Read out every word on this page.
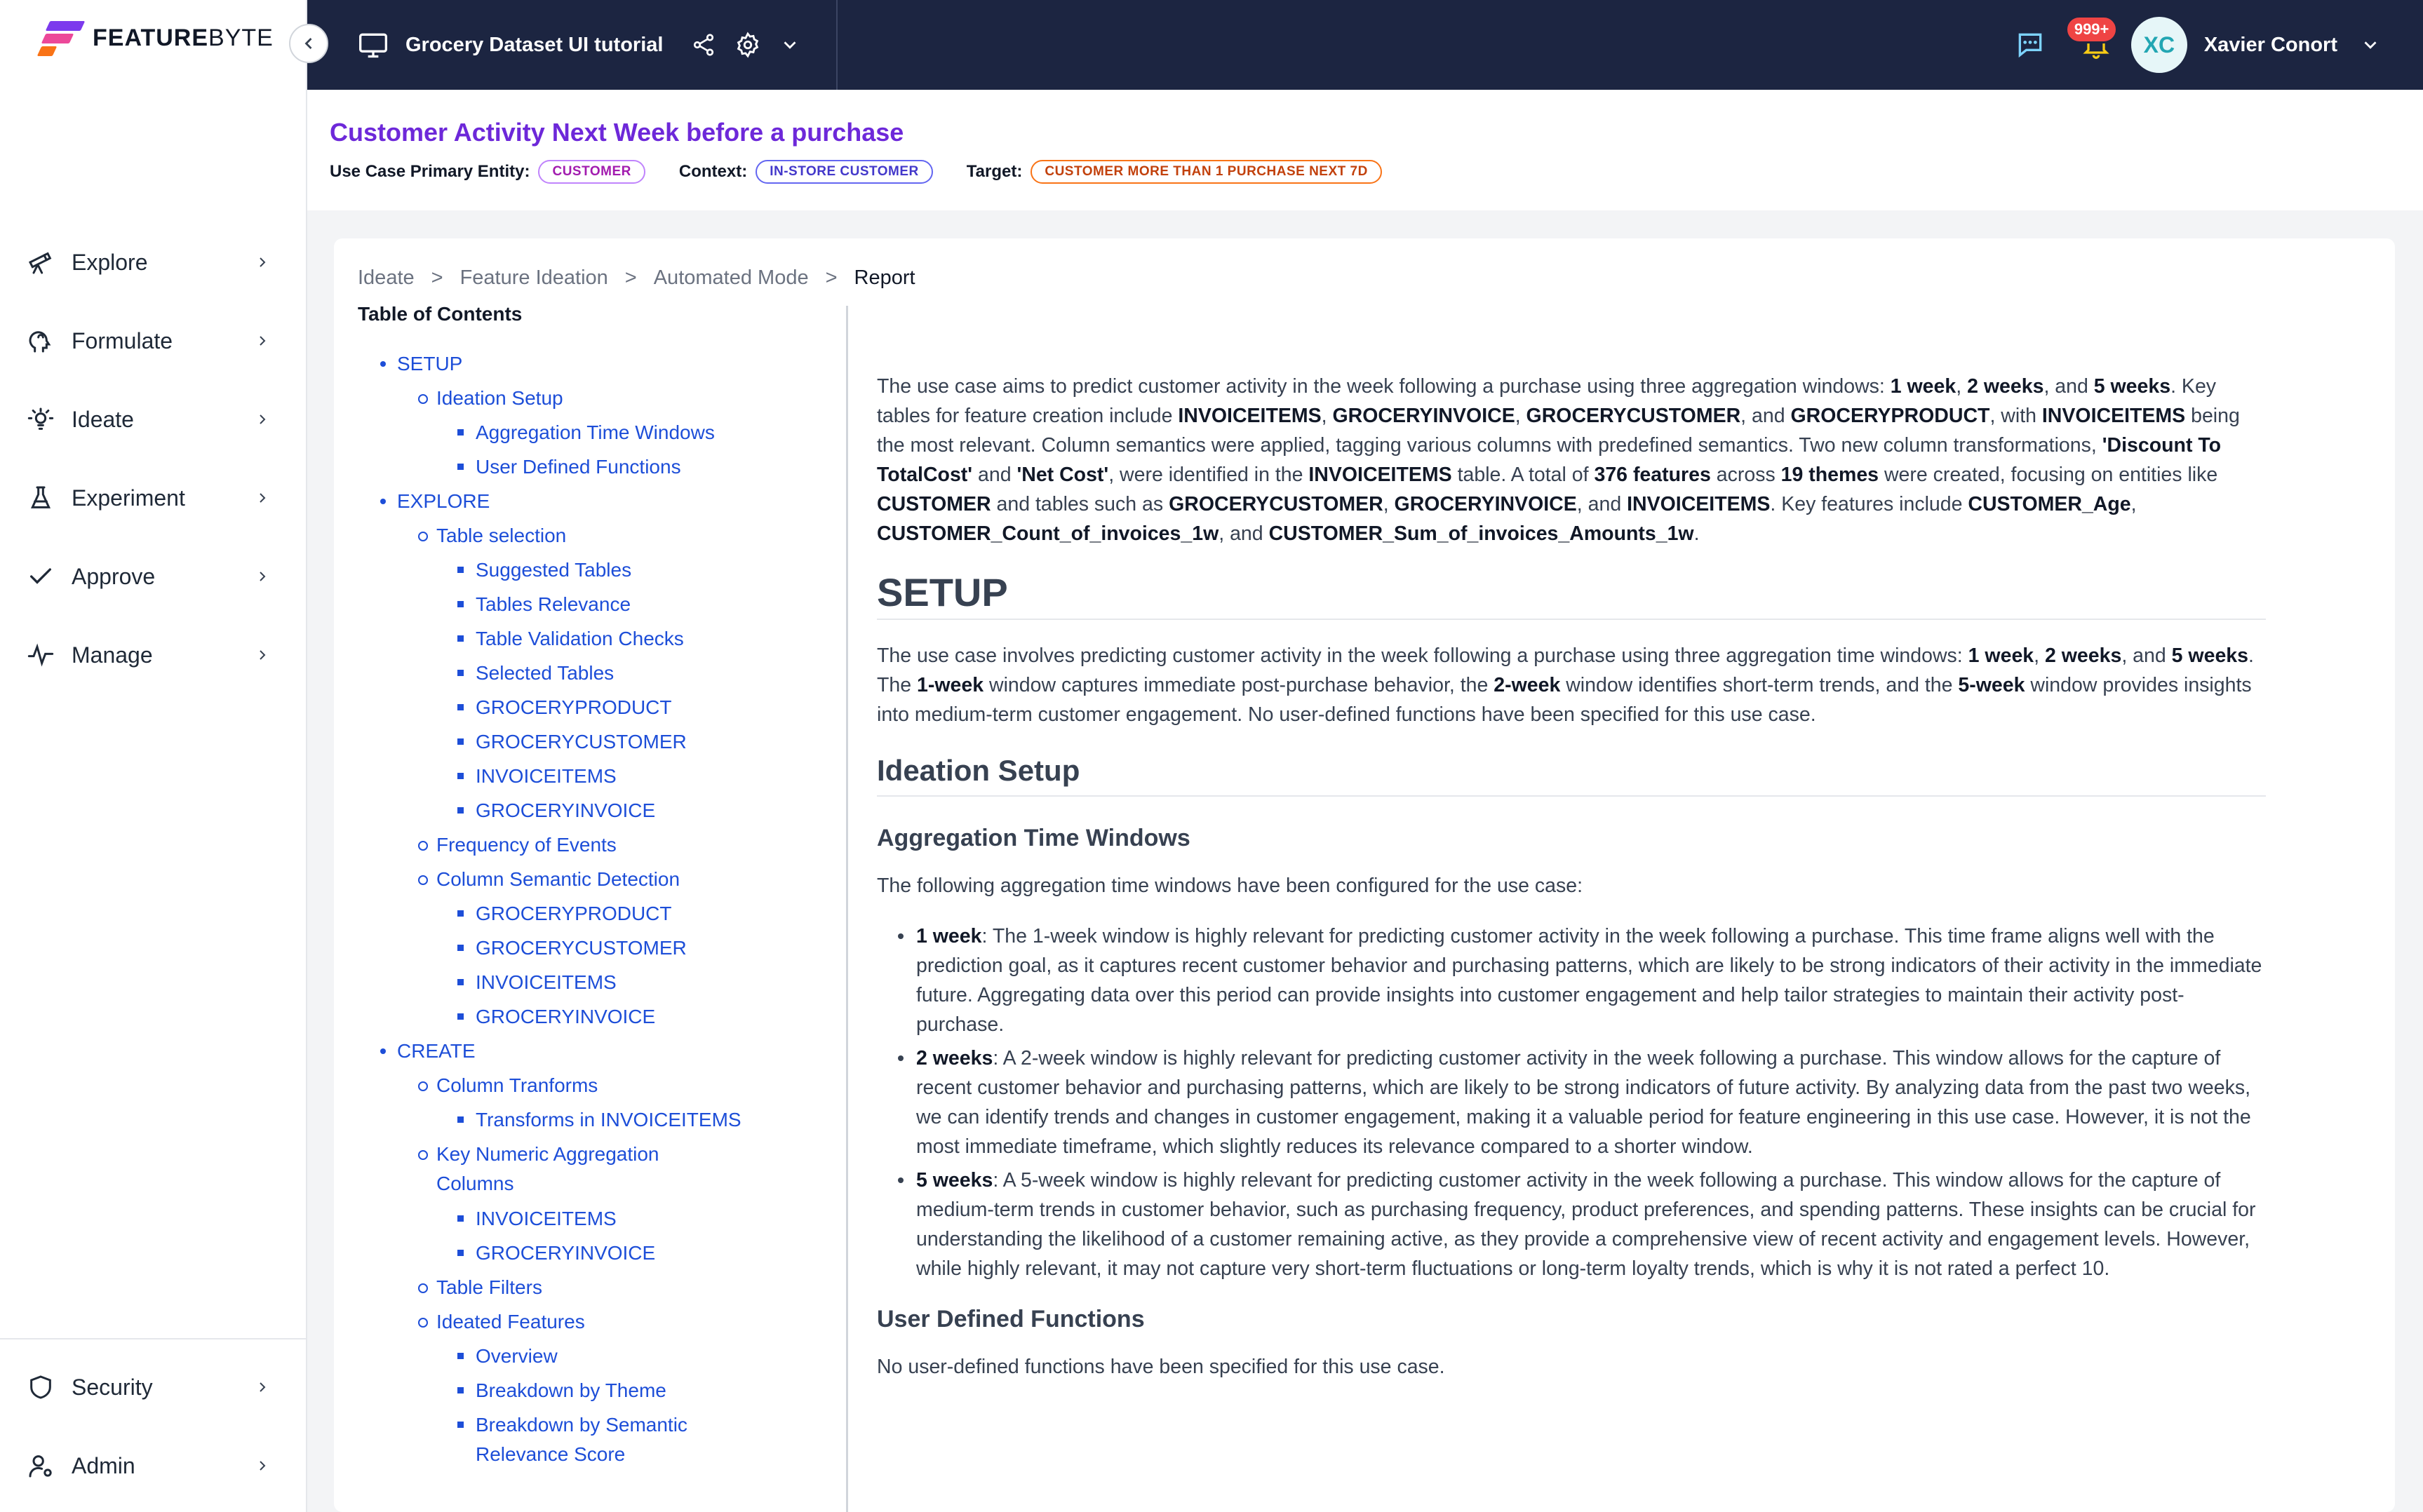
FEATUREBYTE
Explore
Formulate
Ideate
Experiment
Approve
Manage
Security
Admin
Grocery Dataset UI tutorial
999+
XC	Xavier Conort
Customer Activity Next Week before a purchase
Use Case Primary Entity:	CUSTOMER	Context:	IN-STORE CUSTOMER	Target:	CUSTOMER MORE THAN 1 PURCHASE NEXT 7D
Ideate > Feature Ideation > Automated Mode > Report
Table of Contents
SETUP
Ideation Setup
Aggregation Time Windows
User Defined Functions
EXPLORE
Table selection
Suggested Tables
Tables Relevance
Table Validation Checks
Selected Tables
GROCERYPRODUCT
GROCERYCUSTOMER
INVOICEITEMS
GROCERYINVOICE
Frequency of Events
Column Semantic Detection
GROCERYPRODUCT
GROCERYCUSTOMER
INVOICEITEMS
GROCERYINVOICE
CREATE
Column Tranforms
Transforms in INVOICEITEMS
Key Numeric Aggregation Columns
INVOICEITEMS
GROCERYINVOICE
Table Filters
Ideated Features
Overview
Breakdown by Theme
Breakdown by Semantic Relevance Score

The use case aims to predict customer activity in the week following a purchase using three aggregation windows: 1 week, 2 weeks, and 5 weeks. Key tables for feature creation include INVOICEITEMS, GROCERYINVOICE, GROCERYCUSTOMER, and GROCERYPRODUCT, with INVOICEITEMS being the most relevant. Column semantics were applied, tagging various columns with predefined semantics. Two new column transformations, 'Discount To TotalCost' and 'Net Cost', were identified in the INVOICEITEMS table. A total of 376 features across 19 themes were created, focusing on entities like CUSTOMER and tables such as GROCERYCUSTOMER, GROCERYINVOICE, and INVOICEITEMS. Key features include CUSTOMER_Age, CUSTOMER_Count_of_invoices_1w, and CUSTOMER_Sum_of_invoices_Amounts_1w.

SETUP

The use case involves predicting customer activity in the week following a purchase using three aggregation time windows: 1 week, 2 weeks, and 5 weeks. The 1-week window captures immediate post-purchase behavior, the 2-week window identifies short-term trends, and the 5-week window provides insights into medium-term customer engagement. No user-defined functions have been specified for this use case.

Ideation Setup
Aggregation Time Windows

The following aggregation time windows have been configured for the use case:

1 week: The 1-week window is highly relevant for predicting customer activity in the week following a purchase. This time frame aligns well with the prediction goal, as it captures recent customer behavior and purchasing patterns, which are likely to be strong indicators of their activity in the immediate future. Aggregating data over this period can provide insights into customer engagement and help tailor strategies to maintain their activity post-purchase.
2 weeks: A 2-week window is highly relevant for predicting customer activity in the week following a purchase. This window allows for the capture of recent customer behavior and purchasing patterns, which are likely to be strong indicators of future activity. By analyzing data from the past two weeks, we can identify trends and changes in customer engagement, making it a valuable period for feature engineering in this use case. However, it is not the most immediate timeframe, which slightly reduces its relevance compared to a shorter window.
5 weeks: A 5-week window is highly relevant for predicting customer activity in the week following a purchase. This window allows for the capture of medium-term trends in customer behavior, such as purchasing frequency, product preferences, and spending patterns. These insights can be crucial for understanding the likelihood of a customer remaining active, as they provide a comprehensive view of recent activity and engagement levels. However, while highly relevant, it may not capture very short-term fluctuations or long-term loyalty trends, which is why it is not rated a perfect 10.
User Defined Functions

No user-defined functions have been specified for this use case.
